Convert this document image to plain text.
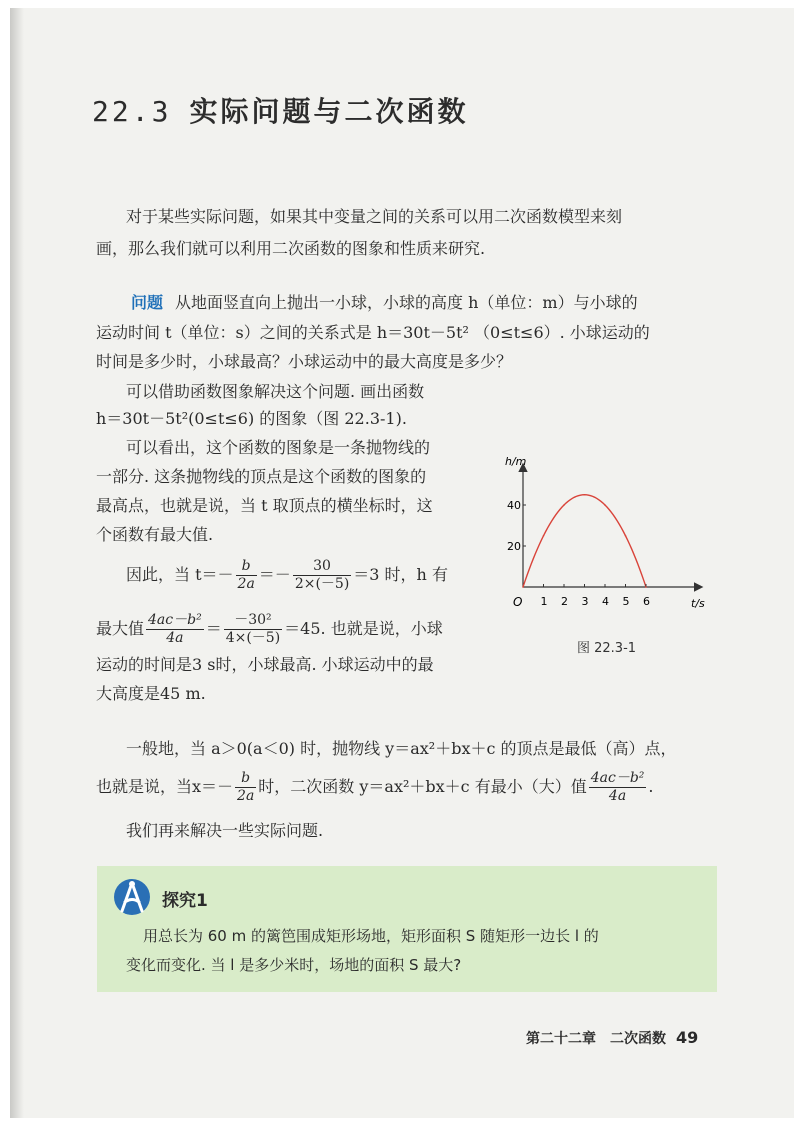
22.3 实际问题与二次函数
对于某些实际问题，如果其中变量之间的关系可以用二次函数模型来刻
画，那么我们就可以利用二次函数的图象和性质来研究.
问题 从地面竖直向上抛出一小球，小球的高度 h（单位：m）与小球的
运动时间 t（单位：s）之间的关系式是 h＝30t－5t² （0≤t≤6）. 小球运动的
时间是多少时，小球最高？小球运动中的最大高度是多少？
可以借助函数图象解决这个问题. 画出函数
h＝30t－5t²(0≤t≤6) 的图象（图 22.3-1).
可以看出，这个函数的图象是一条抛物线的
一部分. 这条抛物线的顶点是这个函数的图象的
最高点，也就是说，当 t 取顶点的横坐标时，这
个函数有最大值.
因此，当 $t=- \frac{b}{2a} =- \frac{30}{2\times(-5)} =3$ 时，h 有
最大值 $\frac{\text{4ac－b²}}{4a} = \frac{\text{－30²}}{4\times(-5)} =45$. 也就是说，小球
运动的时间是3 s时，小球最高. 小球运动中的最
大高度是45 m.
一般地，当 a＞0(a＜0) 时，抛物线 y＝ax²＋bx＋c 的顶点是最低（高）点，
也就是说，当$x=- \frac{b}{2a}$ 时，二次函数 y＝ax²＋bx＋c 有最小（大）值 $\frac{\text{4ac－b²}}{4a}$ .
我们再来解决一些实际问题.
探究1
用总长为 60 m 的篱笆围成矩形场地，矩形面积 S 随矩形一边长 l 的
变化而变化. 当 l 是多少米时，场地的面积 S 最大?
h/m
t/s
O 1 2 3 4 5 6
20
40
图 22.3-1
第二十二章　二次函数 49
